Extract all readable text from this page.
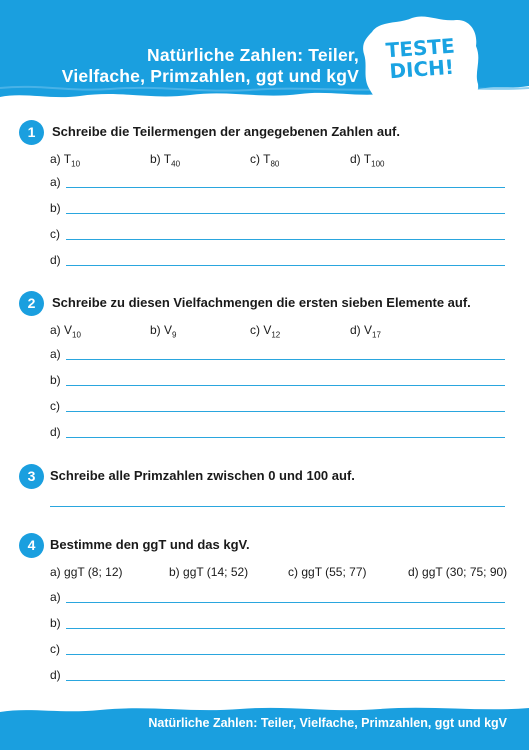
Natürliche Zahlen: Teiler,
Vielfache, Primzahlen, ggt und kgV
TESTE
DICH!
1	Schreibe die Teilermengen der angegebenen Zahlen auf.
a) $T_{10}$	b) $T_{40}$	c) $T_{80}$	d) $T_{100}$
a)
b)
c)
d)
2	Schreibe zu diesen Vielfachmengen die ersten sieben Elemente auf.
a) $V_{10}$	b) $V_9$	c) $V_{12}$	d) $V_{17}$
a)
b)
c)
d)
3	Schreibe alle Primzahlen zwischen 0 und 100 auf.
4	Bestimme den ggT und das kgV.
a) ggT (8; 12)	b) ggT (14; 52)	c) ggT (55; 77)	d) ggT (30; 75; 90)
a)
b)
c)
d)
Natürliche Zahlen: Teiler, Vielfache, Primzahlen, ggt und kgV
